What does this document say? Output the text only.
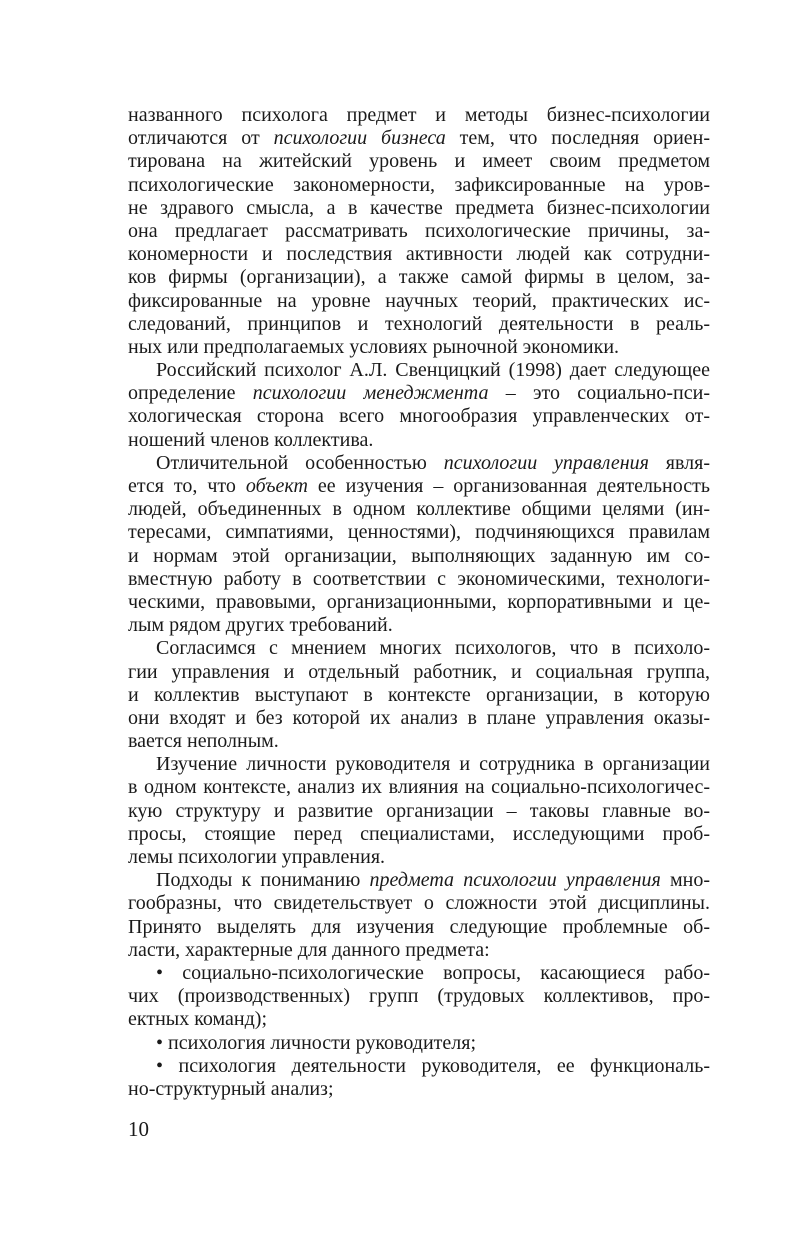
названного психолога предмет и методы бизнес-психологии
отличаются от психологии бизнеса тем, что последняя ориен-
тирована на житейский уровень и имеет своим предметом
психологические закономерности, зафиксированные на уров-
не здравого смысла, а в качестве предмета бизнес-психологии
она предлагает рассматривать психологические причины, за-
кономерности и последствия активности людей как сотрудни-
ков фирмы (организации), а также самой фирмы в целом, за-
фиксированные на уровне научных теорий, практических ис-
следований, принципов и технологий деятельности в реаль-
ных или предполагаемых условиях рыночной экономики.
Российский психолог А.Л. Свенцицкий (1998) дает следующее
определение психологии менеджмента – это социально-пси-
хологическая сторона всего многообразия управленческих от-
ношений членов коллектива.
Отличительной особенностью психологии управления явля-
ется то, что объект ее изучения – организованная деятельность
людей, объединенных в одном коллективе общими целями (ин-
тересами, симпатиями, ценностями), подчиняющихся правилам
и нормам этой организации, выполняющих заданную им со-
вместную работу в соответствии с экономическими, технологи-
ческими, правовыми, организационными, корпоративными и це-
лым рядом других требований.
Согласимся с мнением многих психологов, что в психоло-
гии управления и отдельный работник, и социальная группа,
и коллектив выступают в контексте организации, в которую
они входят и без которой их анализ в плане управления оказы-
вается неполным.
Изучение личности руководителя и сотрудника в организации
в одном контексте, анализ их влияния на социально-психологичес-
кую структуру и развитие организации – таковы главные во-
просы, стоящие перед специалистами, исследующими проб-
лемы психологии управления.
Подходы к пониманию предмета психологии управления мно-
гообразны, что свидетельствует о сложности этой дисциплины.
Принято выделять для изучения следующие проблемные об-
ласти, характерные для данного предмета:
• социально-психологические вопросы, касающиеся рабо-
чих (производственных) групп (трудовых коллективов, про-
ектных команд);
• психология личности руководителя;
• психология деятельности руководителя, ее функциональ-
но-структурный анализ;
10
